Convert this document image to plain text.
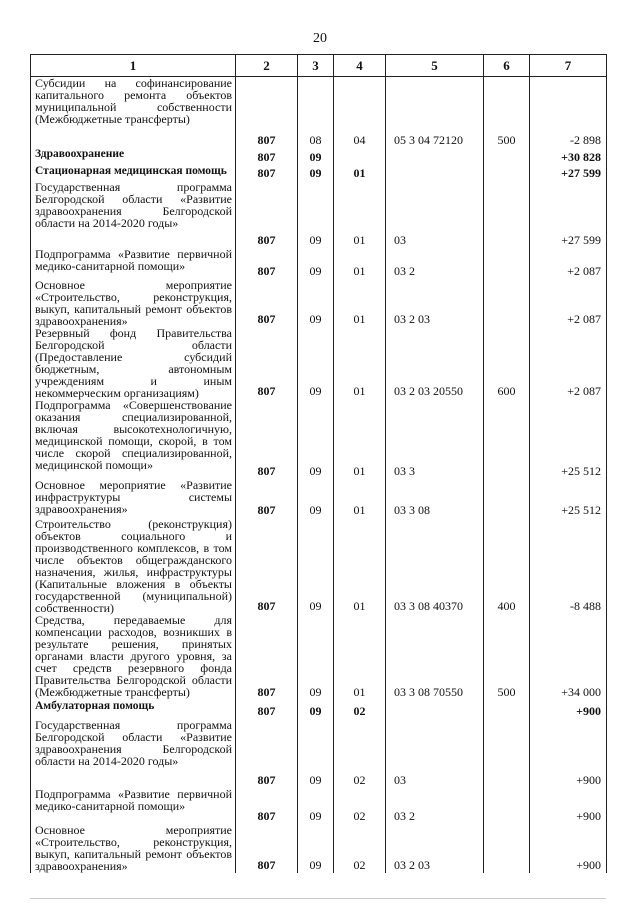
20
1	2	3	4	5	6	7
Субсидии на софинансирование капитального ремонта объектов муниципальной собственности (Межбюджетные трансферты)	807	08	04	05 3 04 72120	500	-2 898

Здравоохранение	807	09				+30 828

Стационарная медицинская помощь	807	09	01			+27 599

Государственная программа Белгородской области «Развитие здравоохранения Белгородской области на 2014-2020 годы»	807	09	01	03		+27 599

Подпрограмма «Развитие первичной медико-санитарной помощи»	807	09	01	03 2		+2 087

Основное мероприятие «Строительство, реконструкция, выкуп, капитальный ремонт объектов здравоохранения»	807	09	01	03 2 03		+2 087

Резервный фонд Правительства Белгородской области (Предоставление субсидий бюджетным, автономным учреждениям и иным некоммерческим организациям)	807	09	01	03 2 03 20550	600	+2 087

Подпрограмма «Совершенствование оказания специализированной, включая высокотехнологичную, медицинской помощи, скорой, в том числе скорой специализированной, медицинской помощи»	807	09	01	03 3		+25 512

Основное мероприятие «Развитие инфраструктуры системы здравоохранения»	807	09	01	03 3 08		+25 512

Строительство (реконструкция) объектов социального и производственного комплексов, в том числе объектов общегражданского назначения, жилья, инфраструктуры (Капитальные вложения в объекты государственной (муниципальной) собственности)	807	09	01	03 3 08 40370	400	-8 488

Средства, передаваемые для компенсации расходов, возникших в результате решения, принятых органами власти другого уровня, за счет средств резервного фонда Правительства Белгородской области (Межбюджетные трансферты)	807	09	01	03 3 08 70550	500	+34 000

Амбулаторная помощь	807	09	02			+900

Государственная программа Белгородской области «Развитие здравоохранения Белгородской области на 2014-2020 годы»	807	09	02	03		+900

Подпрограмма «Развитие первичной медико-санитарной помощи»	807	09	02	03 2		+900

Основное мероприятие «Строительство, реконструкция, выкуп, капитальный ремонт объектов здравоохранения»	807	09	02	03 2 03		+900
